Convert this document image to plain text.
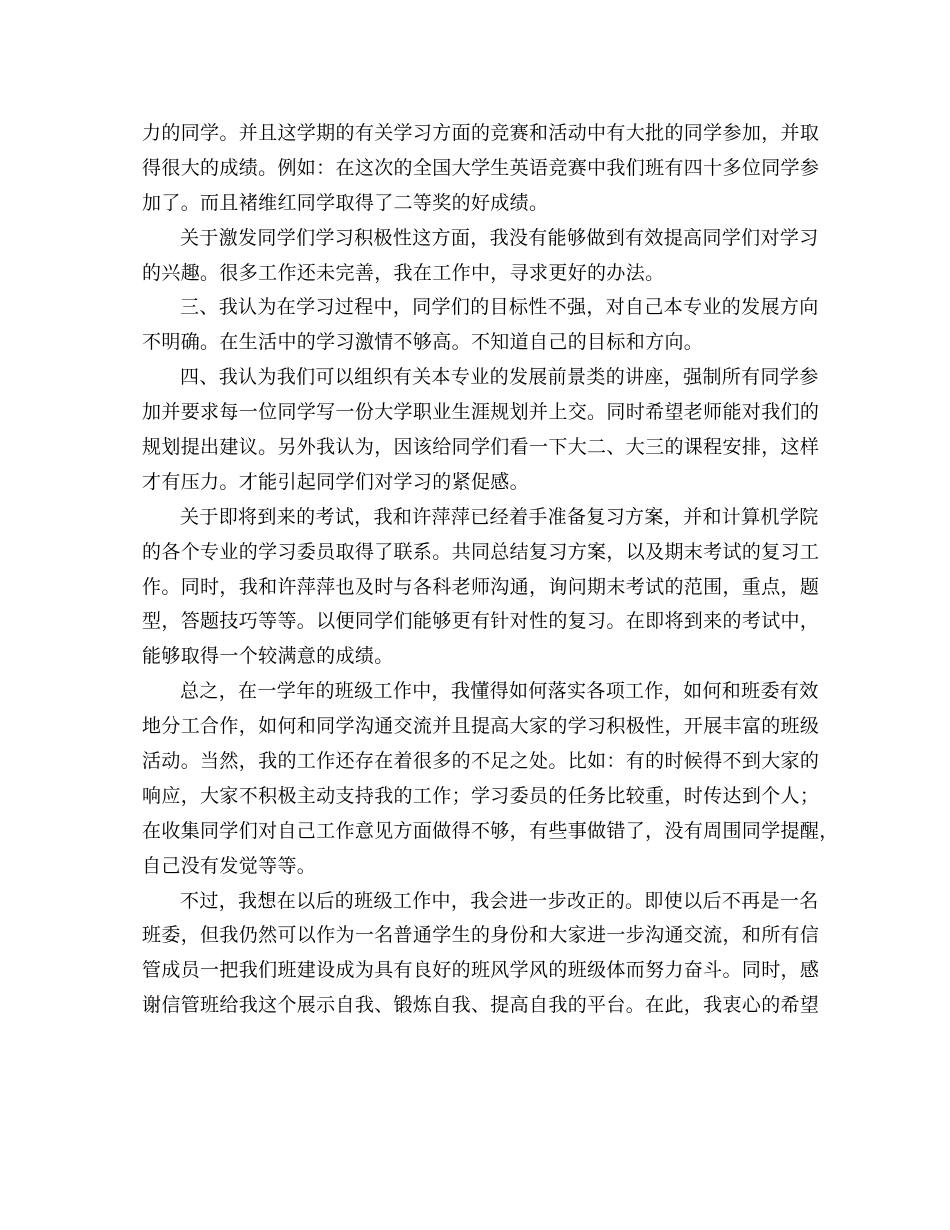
力的同学。并且这学期的有关学习方面的竞赛和活动中有大批的同学参加，并取
得很大的成绩。例如：在这次的全国大学生英语竞赛中我们班有四十多位同学参
加了。而且褚维红同学取得了二等奖的好成绩。
关于激发同学们学习积极性这方面，我没有能够做到有效提高同学们对学习
的兴趣。很多工作还未完善，我在工作中，寻求更好的办法。
三、我认为在学习过程中，同学们的目标性不强，对自己本专业的发展方向
不明确。在生活中的学习激情不够高。不知道自己的目标和方向。
四、我认为我们可以组织有关本专业的发展前景类的讲座，强制所有同学参
加并要求每一位同学写一份大学职业生涯规划并上交。同时希望老师能对我们的
规划提出建议。另外我认为，因该给同学们看一下大二、大三的课程安排，这样
才有压力。才能引起同学们对学习的紧促感。
关于即将到来的考试，我和许萍萍已经着手准备复习方案，并和计算机学院
的各个专业的学习委员取得了联系。共同总结复习方案，以及期末考试的复习工
作。同时，我和许萍萍也及时与各科老师沟通，询问期末考试的范围，重点，题
型，答题技巧等等。以便同学们能够更有针对性的复习。在即将到来的考试中，
能够取得一个较满意的成绩。
总之，在一学年的班级工作中，我懂得如何落实各项工作，如何和班委有效
地分工合作，如何和同学沟通交流并且提高大家的学习积极性，开展丰富的班级
活动。当然，我的工作还存在着很多的不足之处。比如：有的时候得不到大家的
响应，大家不积极主动支持我的工作；学习委员的任务比较重，时传达到个人；
在收集同学们对自己工作意见方面做得不够，有些事做错了，没有周围同学提醒，
自己没有发觉等等。
不过，我想在以后的班级工作中，我会进一步改正的。即使以后不再是一名
班委，但我仍然可以作为一名普通学生的身份和大家进一步沟通交流，和所有信
管成员一把我们班建设成为具有良好的班风学风的班级体而努力奋斗。同时，感
谢信管班给我这个展示自我、锻炼自我、提高自我的平台。在此，我衷心的希望
